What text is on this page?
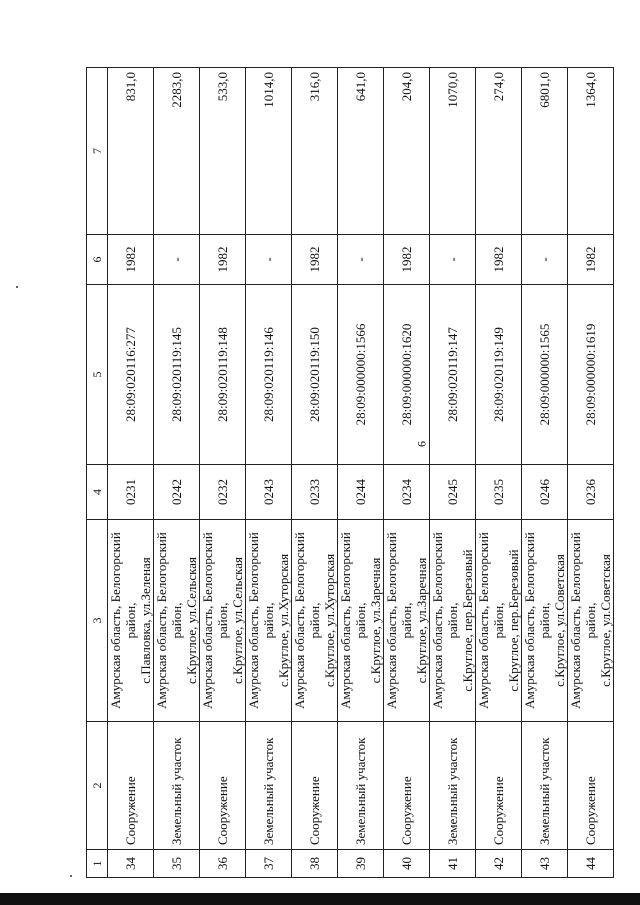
6
1	2	3	4	5	6	7
34	Сооружение	Амурская область, Белогорский район, с.Павловка, ул.Зеленая	0231	28:09:020116:277	1982	831,0
35	Земельный участок	Амурская область, Белогорский район, с.Круглое, ул.Сельская	0242	28:09:020119:145	-	2283,0
36	Сооружение	Амурская область, Белогорский район, с.Круглое, ул.Сельская	0232	28:09:020119:148	1982	533,0
37	Земельный участок	Амурская область, Белогорский район, с.Круглое, ул.Хуторская	0243	28:09:020119:146	-	1014,0
38	Сооружение	Амурская область, Белогорский район, с.Круглое, ул.Хуторская	0233	28:09:020119:150	1982	316,0
39	Земельный участок	Амурская область, Белогорский район, с.Круглое, ул.Заречная	0244	28:09:000000:1566	-	641,0
40	Сооружение	Амурская область, Белогорский район, с.Круглое, ул.Заречная	0234	28:09:000000:1620	1982	204,0
41	Земельный участок	Амурская область, Белогорский район, с.Круглое, пер.Березовый	0245	28:09:020119:147	-	1070,0
42	Сооружение	Амурская область, Белогорский район, с.Круглое, пер.Березовый	0235	28:09:020119:149	1982	274,0
43	Земельный участок	Амурская область, Белогорский район, с.Круглое, ул.Советская	0246	28:09:000000:1565	-	6801,0
44	Сооружение	Амурская область, Белогорский район, с.Круглое, ул.Советская	0236	28:09:000000:1619	1982	1364,0
